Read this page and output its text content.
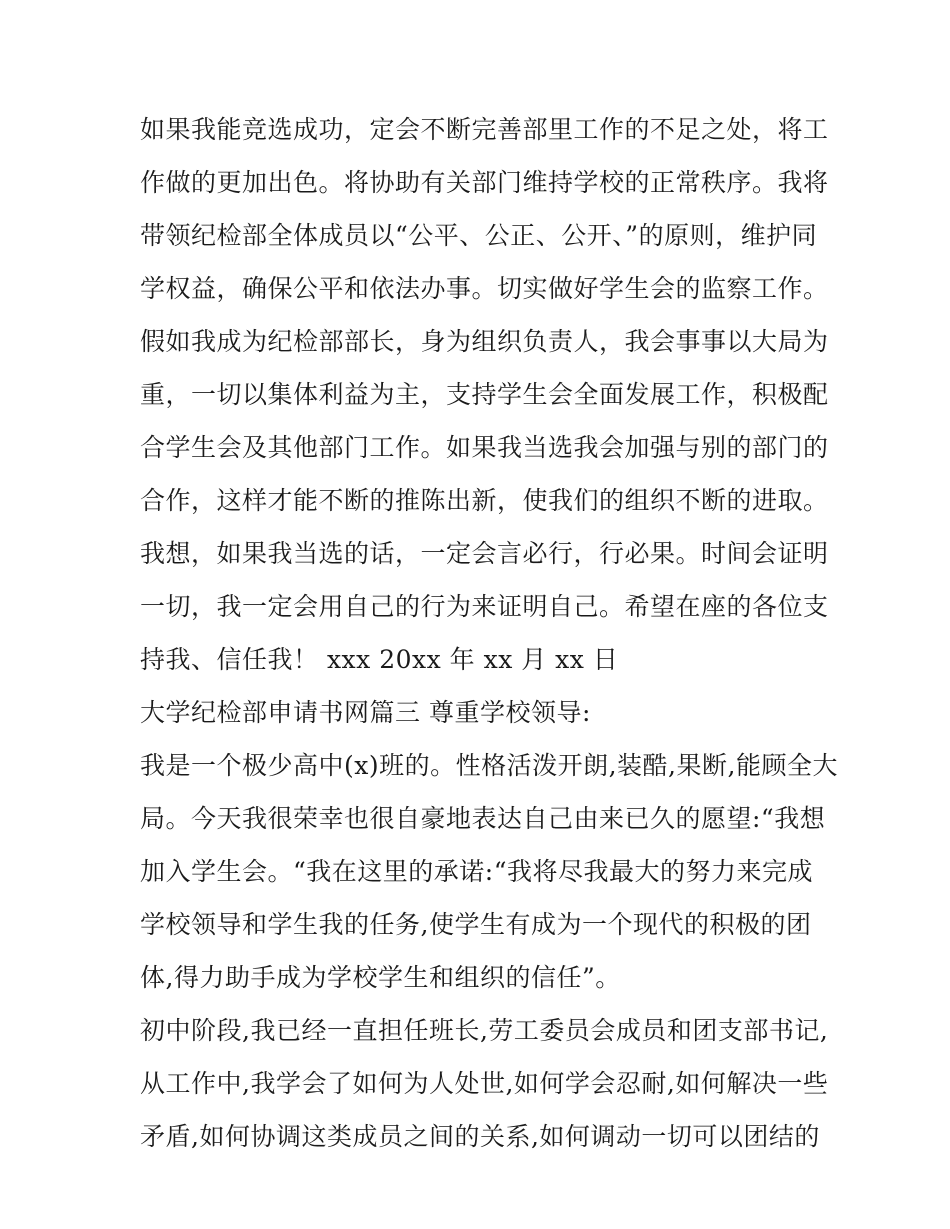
如果我能竞选成功，定会不断完善部里工作的不足之处，将工
作做的更加出色。将协助有关部门维持学校的正常秩序。我将
带领纪检部全体成员以“公平、公正、公开、”的原则，维护同
学权益，确保公平和依法办事。切实做好学生会的监察工作。
假如我成为纪检部部长，身为组织负责人，我会事事以大局为
重，一切以集体利益为主，支持学生会全面发展工作，积极配
合学生会及其他部门工作。如果我当选我会加强与别的部门的
合作，这样才能不断的推陈出新，使我们的组织不断的进取。
我想，如果我当选的话，一定会言必行，行必果。时间会证明
一切，我一定会用自己的行为来证明自己。希望在座的各位支
持我、信任我！ xxx 20xx 年 xx 月 xx 日
大学纪检部申请书网篇三 尊重学校领导:
我是一个极少高中(x)班的。性格活泼开朗,装酷,果断,能顾全大
局。今天我很荣幸也很自豪地表达自己由来已久的愿望:“我想
加入学生会。“我在这里的承诺:“我将尽我最大的努力来完成
学校领导和学生我的任务,使学生有成为一个现代的积极的团
体,得力助手成为学校学生和组织的信任”。
初中阶段,我已经一直担任班长,劳工委员会成员和团支部书记,
从工作中,我学会了如何为人处世,如何学会忍耐,如何解决一些
矛盾,如何协调这类成员之间的关系,如何调动一切可以团结的
